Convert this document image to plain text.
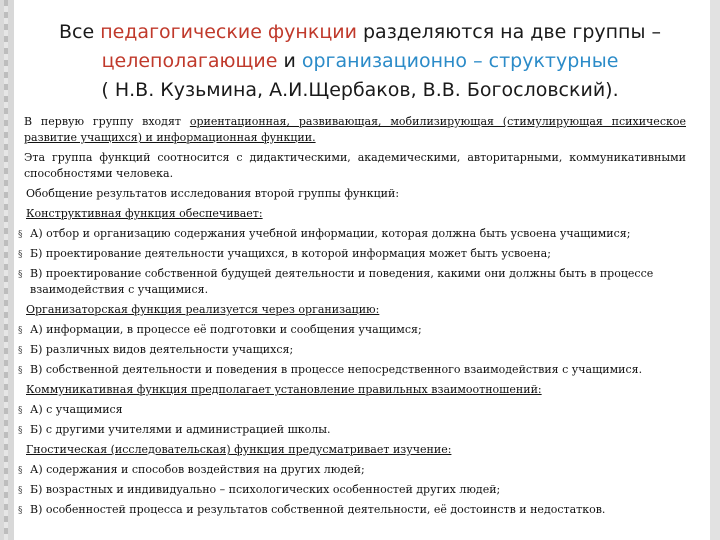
Все педагогические функции разделяются на две группы –
целеполагающие и организационно – структурные
( Н.В. Кузьмина, А.И.Щербаков, В.В. Богословский).

В первую группу входят ориентационная, развивающая, мобилизирующая (стимулирующая психическое развитие учащихся) и информационная функции.

Эта группа функций соотносится с дидактическими, академическими, авторитарными, коммуникативными способностями человека.

Обобщение результатов исследования второй группы функций:

Конструктивная функция обеспечивает:

§ А) отбор и организацию содержания учебной информации, которая должна быть усвоена учащимися;
§ Б) проектирование деятельности учащихся, в которой информация может быть усвоена;
§ В) проектирование собственной будущей деятельности и поведения, какими они должны быть в процессе взаимодействия с учащимися.

Организаторская функция реализуется через организацию:

§ А) информации, в процессе её подготовки и сообщения учащимся;
§ Б) различных видов деятельности учащихся;
§ В) собственной деятельности и поведения в процессе непосредственного взаимодействия с учащимися.

Коммуникативная функция предполагает установление правильных взаимоотношений:

§ А) с учащимися
§ Б) с другими учителями и администрацией школы.

Гностическая (исследовательская) функция предусматривает изучение:

§ А) содержания и способов воздействия на других людей;
§ Б) возрастных и индивидуально – психологических особенностей других людей;
§ В) особенностей процесса и результатов собственной деятельности, её достоинств и недостатков.
